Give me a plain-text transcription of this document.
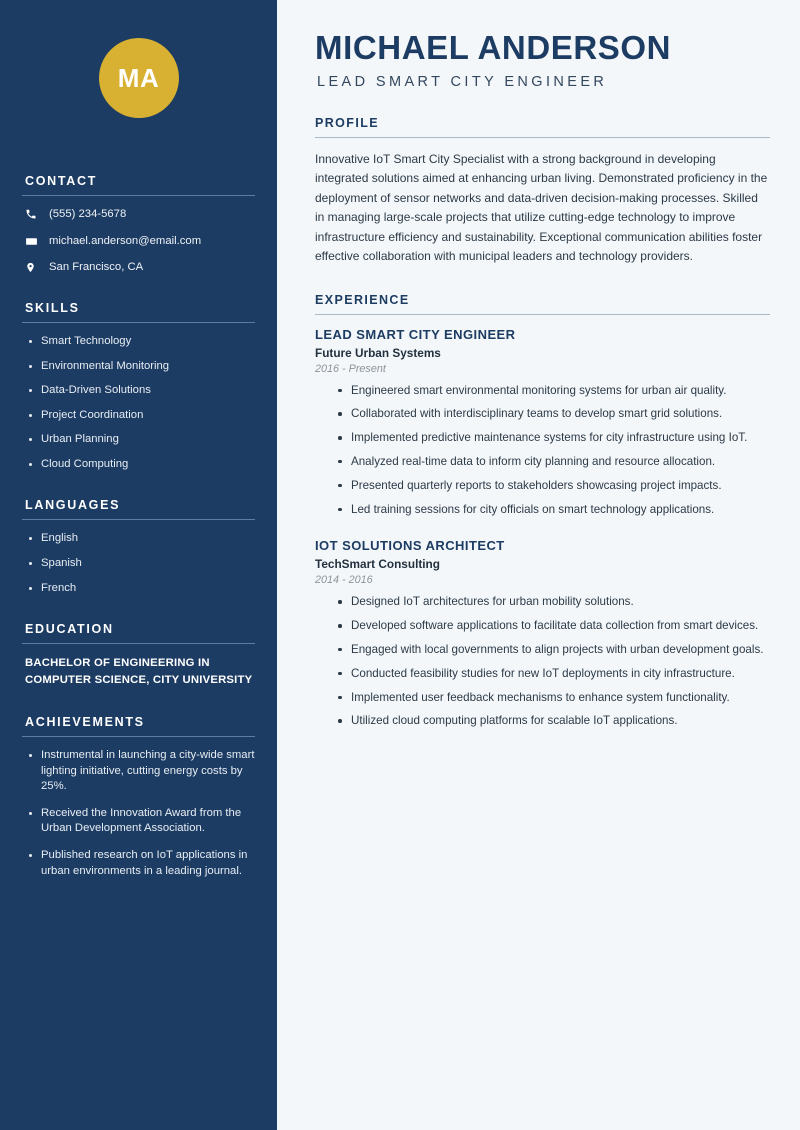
MA
CONTACT
(555) 234-5678
michael.anderson@email.com
San Francisco, CA
SKILLS
Smart Technology
Environmental Monitoring
Data-Driven Solutions
Project Coordination
Urban Planning
Cloud Computing
LANGUAGES
English
Spanish
French
EDUCATION
BACHELOR OF ENGINEERING IN
COMPUTER SCIENCE, CITY UNIVERSITY
ACHIEVEMENTS
Instrumental in launching a city-wide smart lighting initiative, cutting energy costs by 25%.
Received the Innovation Award from the Urban Development Association.
Published research on IoT applications in urban environments in a leading journal.
MICHAEL ANDERSON
LEAD SMART CITY ENGINEER
PROFILE

Innovative IoT Smart City Specialist with a strong background in developing integrated solutions aimed at enhancing urban living. Demonstrated proficiency in the deployment of sensor networks and data-driven decision-making processes. Skilled in managing large-scale projects that utilize cutting-edge technology to improve infrastructure efficiency and sustainability. Exceptional communication abilities foster effective collaboration with municipal leaders and technology providers.

EXPERIENCE
LEAD SMART CITY ENGINEER
Future Urban Systems
2016 - Present
Engineered smart environmental monitoring systems for urban air quality.
Collaborated with interdisciplinary teams to develop smart grid solutions.
Implemented predictive maintenance systems for city infrastructure using IoT.
Analyzed real-time data to inform city planning and resource allocation.
Presented quarterly reports to stakeholders showcasing project impacts.
Led training sessions for city officials on smart technology applications.
IOT SOLUTIONS ARCHITECT
TechSmart Consulting
2014 - 2016
Designed IoT architectures for urban mobility solutions.
Developed software applications to facilitate data collection from smart devices.
Engaged with local governments to align projects with urban development goals.
Conducted feasibility studies for new IoT deployments in city infrastructure.
Implemented user feedback mechanisms to enhance system functionality.
Utilized cloud computing platforms for scalable IoT applications.
